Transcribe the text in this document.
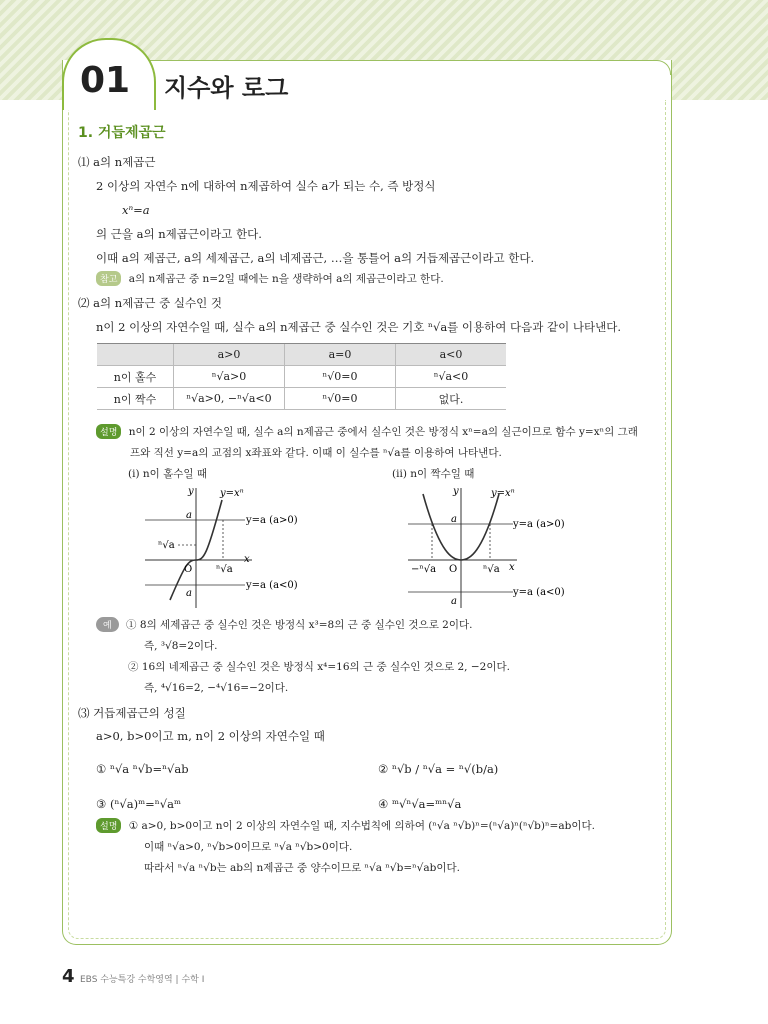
01 지수와 로그
1. 거듭제곱근
⑴ a의 n제곱근
2 이상의 자연수 n에 대하여 n제곱하여 실수 a가 되는 수, 즉 방정식
xⁿ=a
의 근을 a의 n제곱근이라고 한다.
이때 a의 제곱근, a의 세제곱근, a의 네제곱근, …을 통틀어 a의 거듭제곱근이라고 한다.
참고 a의 n제곱근 중 n=2일 때에는 n을 생략하여 a의 제곱근이라고 한다.
⑵ a의 n제곱근 중 실수인 것
n이 2 이상의 자연수일 때, 실수 a의 n제곱근 중 실수인 것은 기호 ⁿ√a를 이용하여 다음과 같이 나타낸다.
	a>0	a=0	a<0
n이 홀수	ⁿ√a>0	ⁿ√0=0	ⁿ√a<0
n이 짝수	ⁿ√a>0, −ⁿ√a<0	ⁿ√0=0	없다.
설명 n이 2 이상의 자연수일 때, 실수 a의 n제곱근 중에서 실수인 것은 방정식 xⁿ=a의 실근이므로 함수 y=xⁿ의 그래
프와 직선 y=a의 교점의 x좌표와 같다. 이때 이 실수를 ⁿ√a를 이용하여 나타낸다.
(ⅰ) n이 홀수일 때
y	y=xⁿ
a	y=a (a>0)
ⁿ√a
O ⁿ√a
x
y=a (a<0)
a
(ⅱ) n이 짝수일 때
y	y=xⁿ
a	y=a (a>0)
−ⁿ√a O	ⁿ√a x
y=a (a<0)
a
예 ① 8의 세제곱근 중 실수인 것은 방정식 x³=8의 근 중 실수인 것으로 2이다.
즉, ³√8=2이다.
② 16의 네제곱근 중 실수인 것은 방정식 x⁴=16의 근 중 실수인 것으로 2, −2이다.
즉, ⁴√16=2, −⁴√16=−2이다.
⑶ 거듭제곱근의 성질
a>0, b>0이고 m, n이 2 이상의 자연수일 때
① ⁿ√a ⁿ√b=ⁿ√ab	② ⁿ√b / ⁿ√a = ⁿ√(b/a)
③ (ⁿ√a)ᵐ=ⁿ√aᵐ	④ ᵐ√ⁿ√a=ᵐⁿ√a
설명 ① a>0, b>0이고 n이 2 이상의 자연수일 때, 지수법칙에 의하여 (ⁿ√a ⁿ√b)ⁿ=(ⁿ√a)ⁿ(ⁿ√b)ⁿ=ab이다.
이때 ⁿ√a>0, ⁿ√b>0이므로 ⁿ√a ⁿ√b>0이다.
따라서 ⁿ√a ⁿ√b는 ab의 n제곱근 중 양수이므로 ⁿ√a ⁿ√b=ⁿ√ab이다.
4 EBS 수능특강 수학영역 | 수학 Ⅰ
